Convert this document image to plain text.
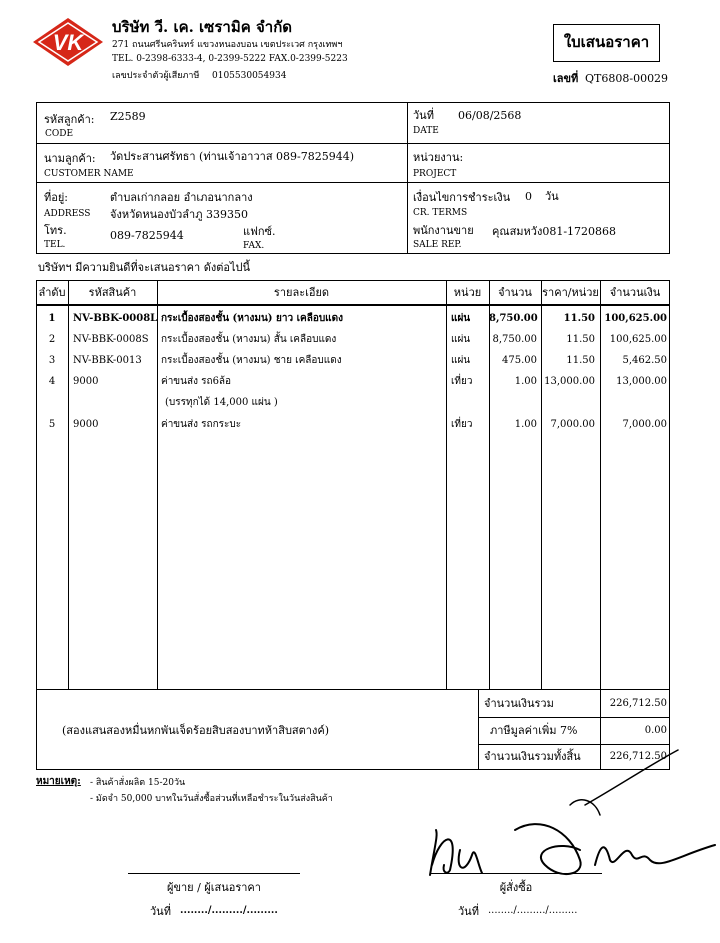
VK
บริษัท วี. เค. เซรามิค จำกัด
271 ถนนศรีนครินทร์ แขวงหนองบอน เขตประเวศ กรุงเทพฯ
TEL. 0-2398-6333-4, 0-2399-5222 FAX.0-2399-5223
เลขประจำตัวผู้เสียภาษี 0105530054934
ใบเสนอราคา
เลขที่ QT6808-00029
รหัสลูกค้า:
CODE
Z2589	วันที่
DATE
06/08/2568
นามลูกค้า:
CUSTOMER NAME
วัดประสานศรัทธา (ท่านเจ้าอาวาส 089-7825944)	หน่วยงาน:
PROJECT
ที่อยู่:
ADDRESS
ตำบลเก่ากลอย อำเภอนากลาง
จังหวัดหนองบัวลำภู 339350
เงื่อนไขการชำระเงิน
CR. TERMS
0 วัน
โทร.
TEL.
089-7825944	แฟกซ์.
FAX.
พนักงานขาย
SALE REP.
คุณสมหวัง081-1720868
บริษัทฯ มีความยินดีที่จะเสนอราคา ดังต่อไปนี้
ลำดับ	รหัสสินค้า	รายละเอียด	หน่วย	จำนวน ราคา/หน่วย จำนวนเงิน
1	NV-BBK-0008L กระเบื้องสองชั้น (หางมน) ยาว เคลือบแดง	แผ่น 8,750.00	11.50 100,625.00
2	NV-BBK-0008S กระเบื้องสองชั้น (หางมน) สั้น เคลือบแดง	แผ่น	8,750.00	11.50	100,625.00
3	NV-BBK-0013 กระเบื้องสองชั้น (หางมน) ชาย เคลือบแดง	แผ่น	475.00	11.50	5,462.50
4	9000	ค่าขนส่ง รถ6ล้อ	เที่ยว	1.00 13,000.00	13,000.00
(บรรทุกได้ 14,000 แผ่น )
5	9000	ค่าขนส่ง รถกระบะ	เที่ยว	1.00	7,000.00	7,000.00
(สองแสนสองหมื่นหกพันเจ็ดร้อยสิบสองบาทห้าสิบสตางค์)
จำนวนเงินรวม	226,712.50
ภาษีมูลค่าเพิ่ม 7%	0.00
จำนวนเงินรวมทั้งสิ้น	226,712.50
หมายเหตุ: - สินค้าสั่งผลิต 15-20วัน
- มัดจำ 50,000 บาทในวันสั่งซื้อส่วนที่เหลือชำระในวันส่งสินค้า
ผู้ขาย / ผู้เสนอราคา
วันที่ ......../........./.........
ผู้สั่งซื้อ
วันที่ ......../........./.........
